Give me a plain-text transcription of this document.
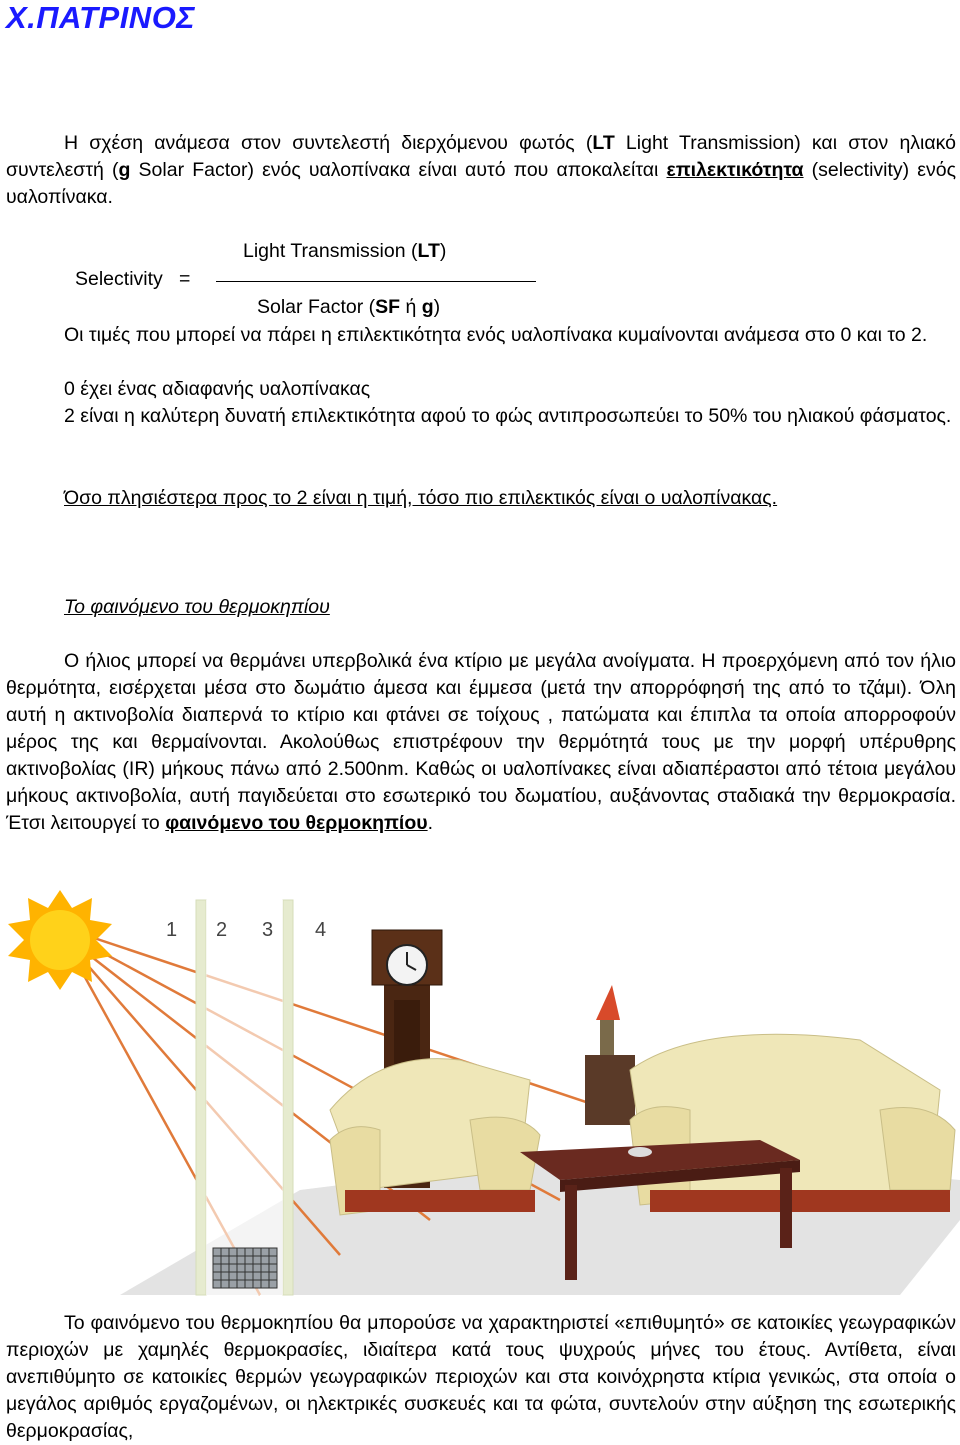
Χ.ΠΑΤΡΙΝΟΣ
Η σχέση ανάμεσα στον συντελεστή διερχόμενου φωτός (LT Light Transmission) και στον ηλιακό συντελεστή (g Solar Factor) ενός υαλοπίνακα είναι αυτό που αποκαλείται επιλεκτικότητα (selectivity) ενός υαλοπίνακα.
Light Transmission (LT)
Selectivity   =
Solar Factor (SF ή g)
Οι τιμές που μπορεί να πάρει η επιλεκτικότητα ενός υαλοπίνακα κυμαίνονται ανάμεσα στο 0 και το 2.
0 έχει ένας αδιαφανής υαλοπίνακας
2 είναι η καλύτερη δυνατή επιλεκτικότητα αφού το φώς αντιπροσωπεύει το 50% του ηλιακού φάσματος.
Όσο πλησιέστερα προς το 2 είναι η τιμή, τόσο πιο επιλεκτικός είναι ο υαλοπίνακας.
Το φαινόμενο του θερμοκηπίου
Ο ήλιος μπορεί να θερμάνει υπερβολικά ένα κτίριο με μεγάλα ανοίγματα. Η προερχόμενη από τον ήλιο θερμότητα, εισέρχεται μέσα στο δωμάτιο άμεσα και έμμεσα (μετά την απορρόφησή της από το τζάμι). Όλη αυτή η ακτινοβολία διαπερνά το κτίριο και φτάνει σε τοίχους , πατώματα και έπιπλα τα οποία απορροφούν μέρος της και θερμαίνονται. Ακολούθως επιστρέφουν την θερμότητά τους με την μορφή υπέρυθρης ακτινοβολίας (IR) μήκους πάνω από 2.500nm. Καθώς οι υαλοπίνακες είναι αδιαπέραστοι από τέτοια μεγάλου μήκους ακτινοβολία, αυτή παγιδεύεται στο εσωτερικό του δωματίου, αυξάνοντας σταδιακά την θερμοκρασία. Έτσι λειτουργεί το φαινόμενο του θερμοκηπίου.
1 2 3 4
Το φαινόμενο του θερμοκηπίου θα μπορούσε να χαρακτηριστεί «επιθυμητό» σε κατοικίες γεωγραφικών περιοχών με χαμηλές θερμοκρασίες, ιδιαίτερα κατά τους ψυχρούς μήνες του έτους. Αντίθετα, είναι ανεπιθύμητο σε κατοικίες θερμών γεωγραφικών περιοχών και στα κοινόχρηστα κτίρια γενικώς, στα οποία ο μεγάλος αριθμός εργαζομένων, οι ηλεκτρικές συσκευές και τα φώτα, συντελούν στην αύξηση της εσωτερικής θερμοκρασίας,
